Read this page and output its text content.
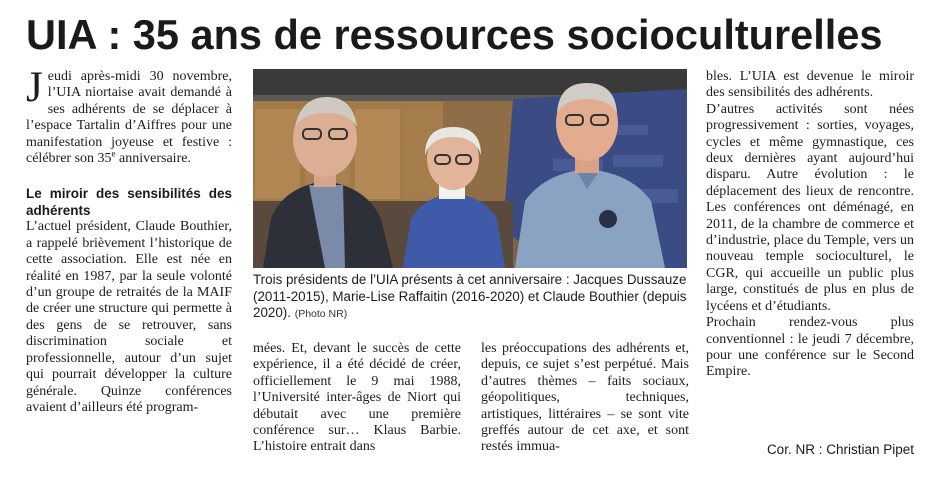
UIA : 35 ans de ressources socioculturelles

Jeudi après-midi 30 novembre, l’UIA niortaise avait demandé à ses adhérents de se déplacer à l’espace Tartalin d’Aiffres pour une manifestation joyeuse et festive : célébrer son 35e anniversaire.

Le miroir des sensibilités des adhérents

L’actuel président, Claude Bouthier, a rappelé brièvement l’historique de cette association. Elle est née en réalité en 1987, par la seule volonté d’un groupe de retraités de la MAIF de créer une structure qui permette à des gens de se retrouver, sans discrimination sociale et professionnelle, autour d’un sujet qui pourrait développer la culture générale. Quinze conférences avaient d’ailleurs été program-

Trois présidents de l’UIA présents à cet anniversaire : Jacques Dussauze (2011-2015), Marie-Lise Raffaitin (2016-2020) et Claude Bouthier (depuis 2020). (Photo NR)

mées. Et, devant le succès de cette expérience, il a été décidé de créer, officiellement le 9 mai 1988, l’Université inter-âges de Niort qui débutait avec une première conférence sur… Klaus Barbie. L’histoire entrait dans

les préoccupations des adhérents et, depuis, ce sujet s’est perpétué. Mais d’autres thèmes – faits sociaux, géopolitiques, techniques, artistiques, littéraires – se sont vite greffés autour de cet axe, et sont restés immua-

bles. L’UIA est devenue le miroir des sensibilités des adhérents.

D’autres activités sont nées progressivement : sorties, voyages, cycles et même gymnastique, ces deux dernières ayant aujourd’hui disparu. Autre évolution : le déplacement des lieux de rencontre. Les conférences ont déménagé, en 2011, de la chambre de commerce et d’industrie, place du Temple, vers un nouveau temple socioculturel, le CGR, qui accueille un public plus large, constitués de plus en plus de lycéens et d’étudiants.

Prochain rendez-vous plus conventionnel : le jeudi 7 décembre, pour une conférence sur le Second Empire.

Cor. NR : Christian Pipet
